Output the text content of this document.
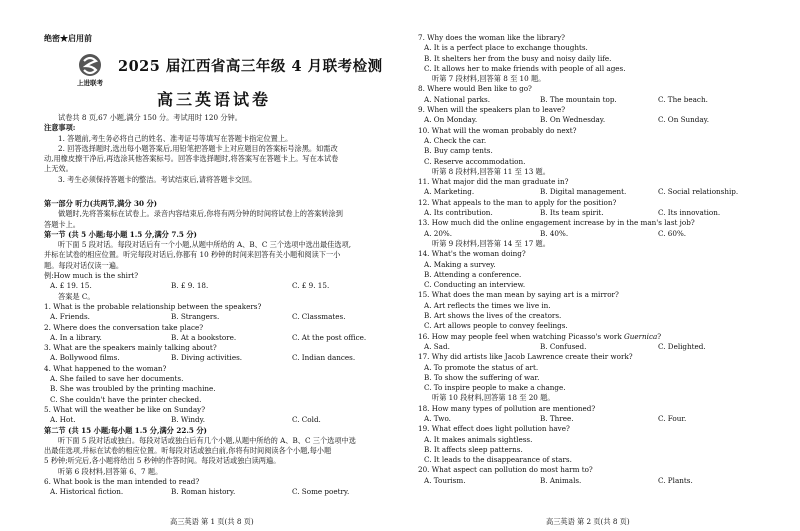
绝密★启用前
上进联考
2025 届江西省高三年级 4 月联考检测
高三英语试卷
试卷共 8 页,67 小题,满分 150 分。考试用时 120 分钟。
注意事项:
1. 答题前,考生务必将自己的姓名、准考证号等填写在答题卡指定位置上。
2. 回答选择题时,选出每小题答案后,用铅笔把答题卡上对应题目的答案标号涂黑。如需改
动,用橡皮擦干净后,再选涂其他答案标号。回答非选择题时,将答案写在答题卡上。写在本试卷
上无效。
3. 考生必须保持答题卡的整洁。考试结束后,请将答题卡交回。
第一部分 听力(共两节,满分 30 分)
做题时,先将答案标在试卷上。录音内容结束后,你将有两分钟的时间将试卷上的答案转涂到
答题卡上。
第一节 (共 5 小题;每小题 1.5 分,满分 7.5 分)
听下面 5 段对话。每段对话后有一个小题,从题中所给的 A、B、C 三个选项中选出最佳选项,
并标在试卷的相应位置。听完每段对话后,你都有 10 秒钟的时间来回答有关小题和阅读下一小
题。每段对话仅读一遍。
例:How much is the shirt?
A. £ 19. 15.	B. £ 9. 18.	C. £ 9. 15.
答案是 C。
1. What is the probable relationship between the speakers?
A. Friends.	B. Strangers.	C. Classmates.
2. Where does the conversation take place?
A. In a library.	B. At a bookstore.	C. At the post office.
3. What are the speakers mainly talking about?
A. Bollywood films.	B. Diving activities.	C. Indian dances.
4. What happened to the woman?
A. She failed to save her documents.
B. She was troubled by the printing machine.
C. She couldn't have the printer checked.
5. What will the weather be like on Sunday?
A. Hot.	B. Windy.	C. Cold.
第二节 (共 15 小题;每小题 1.5 分,满分 22.5 分)
听下面 5 段对话或独白。每段对话或独白后有几个小题,从题中所给的 A、B、C 三个选项中选
出最佳选项,并标在试卷的相应位置。听每段对话或独白前,你将有时间阅读各个小题,每小题
5 秒钟;听完后,各小题将给出 5 秒钟的作答时间。每段对话或独白读两遍。
听第 6 段材料,回答第 6、7 题。
6. What book is the man intended to read?
A. Historical fiction.	B. Roman history.	C. Some poetry.
7. Why does the woman like the library?
A. It is a perfect place to exchange thoughts.
B. It shelters her from the busy and noisy daily life.
C. It allows her to make friends with people of all ages.
听第 7 段材料,回答第 8 至 10 题。
8. Where would Ben like to go?
A. National parks.	B. The mountain top.	C. The beach.
9. When will the speakers plan to leave?
A. On Monday.	B. On Wednesday.	C. On Sunday.
10. What will the woman probably do next?
A. Check the car.
B. Buy camp tents.
C. Reserve accommodation.
听第 8 段材料,回答第 11 至 13 题。
11. What major did the man graduate in?
A. Marketing.	B. Digital management.	C. Social relationship.
12. What appeals to the man to apply for the position?
A. Its contribution.	B. Its team spirit.	C. Its innovation.
13. How much did the online engagement increase by in the man's last job?
A. 20%.	B. 40%.	C. 60%.
听第 9 段材料,回答第 14 至 17 题。
14. What's the woman doing?
A. Making a survey.
B. Attending a conference.
C. Conducting an interview.
15. What does the man mean by saying art is a mirror?
A. Art reflects the times we live in.
B. Art shows the lives of the creators.
C. Art allows people to convey feelings.
16. How may people feel when watching Picasso's work Guernica?
A. Sad.	B. Confused.	C. Delighted.
17. Why did artists like Jacob Lawrence create their work?
A. To promote the status of art.
B. To show the suffering of war.
C. To inspire people to make a change.
听第 10 段材料,回答第 18 至 20 题。
18. How many types of pollution are mentioned?
A. Two.	B. Three.	C. Four.
19. What effect does light pollution have?
A. It makes animals sightless.
B. It affects sleep patterns.
C. It leads to the disappearance of stars.
20. What aspect can pollution do most harm to?
A. Tourism.	B. Animals.	C. Plants.
高三英语 第 1 页(共 8 页)	高三英语 第 2 页(共 8 页)
